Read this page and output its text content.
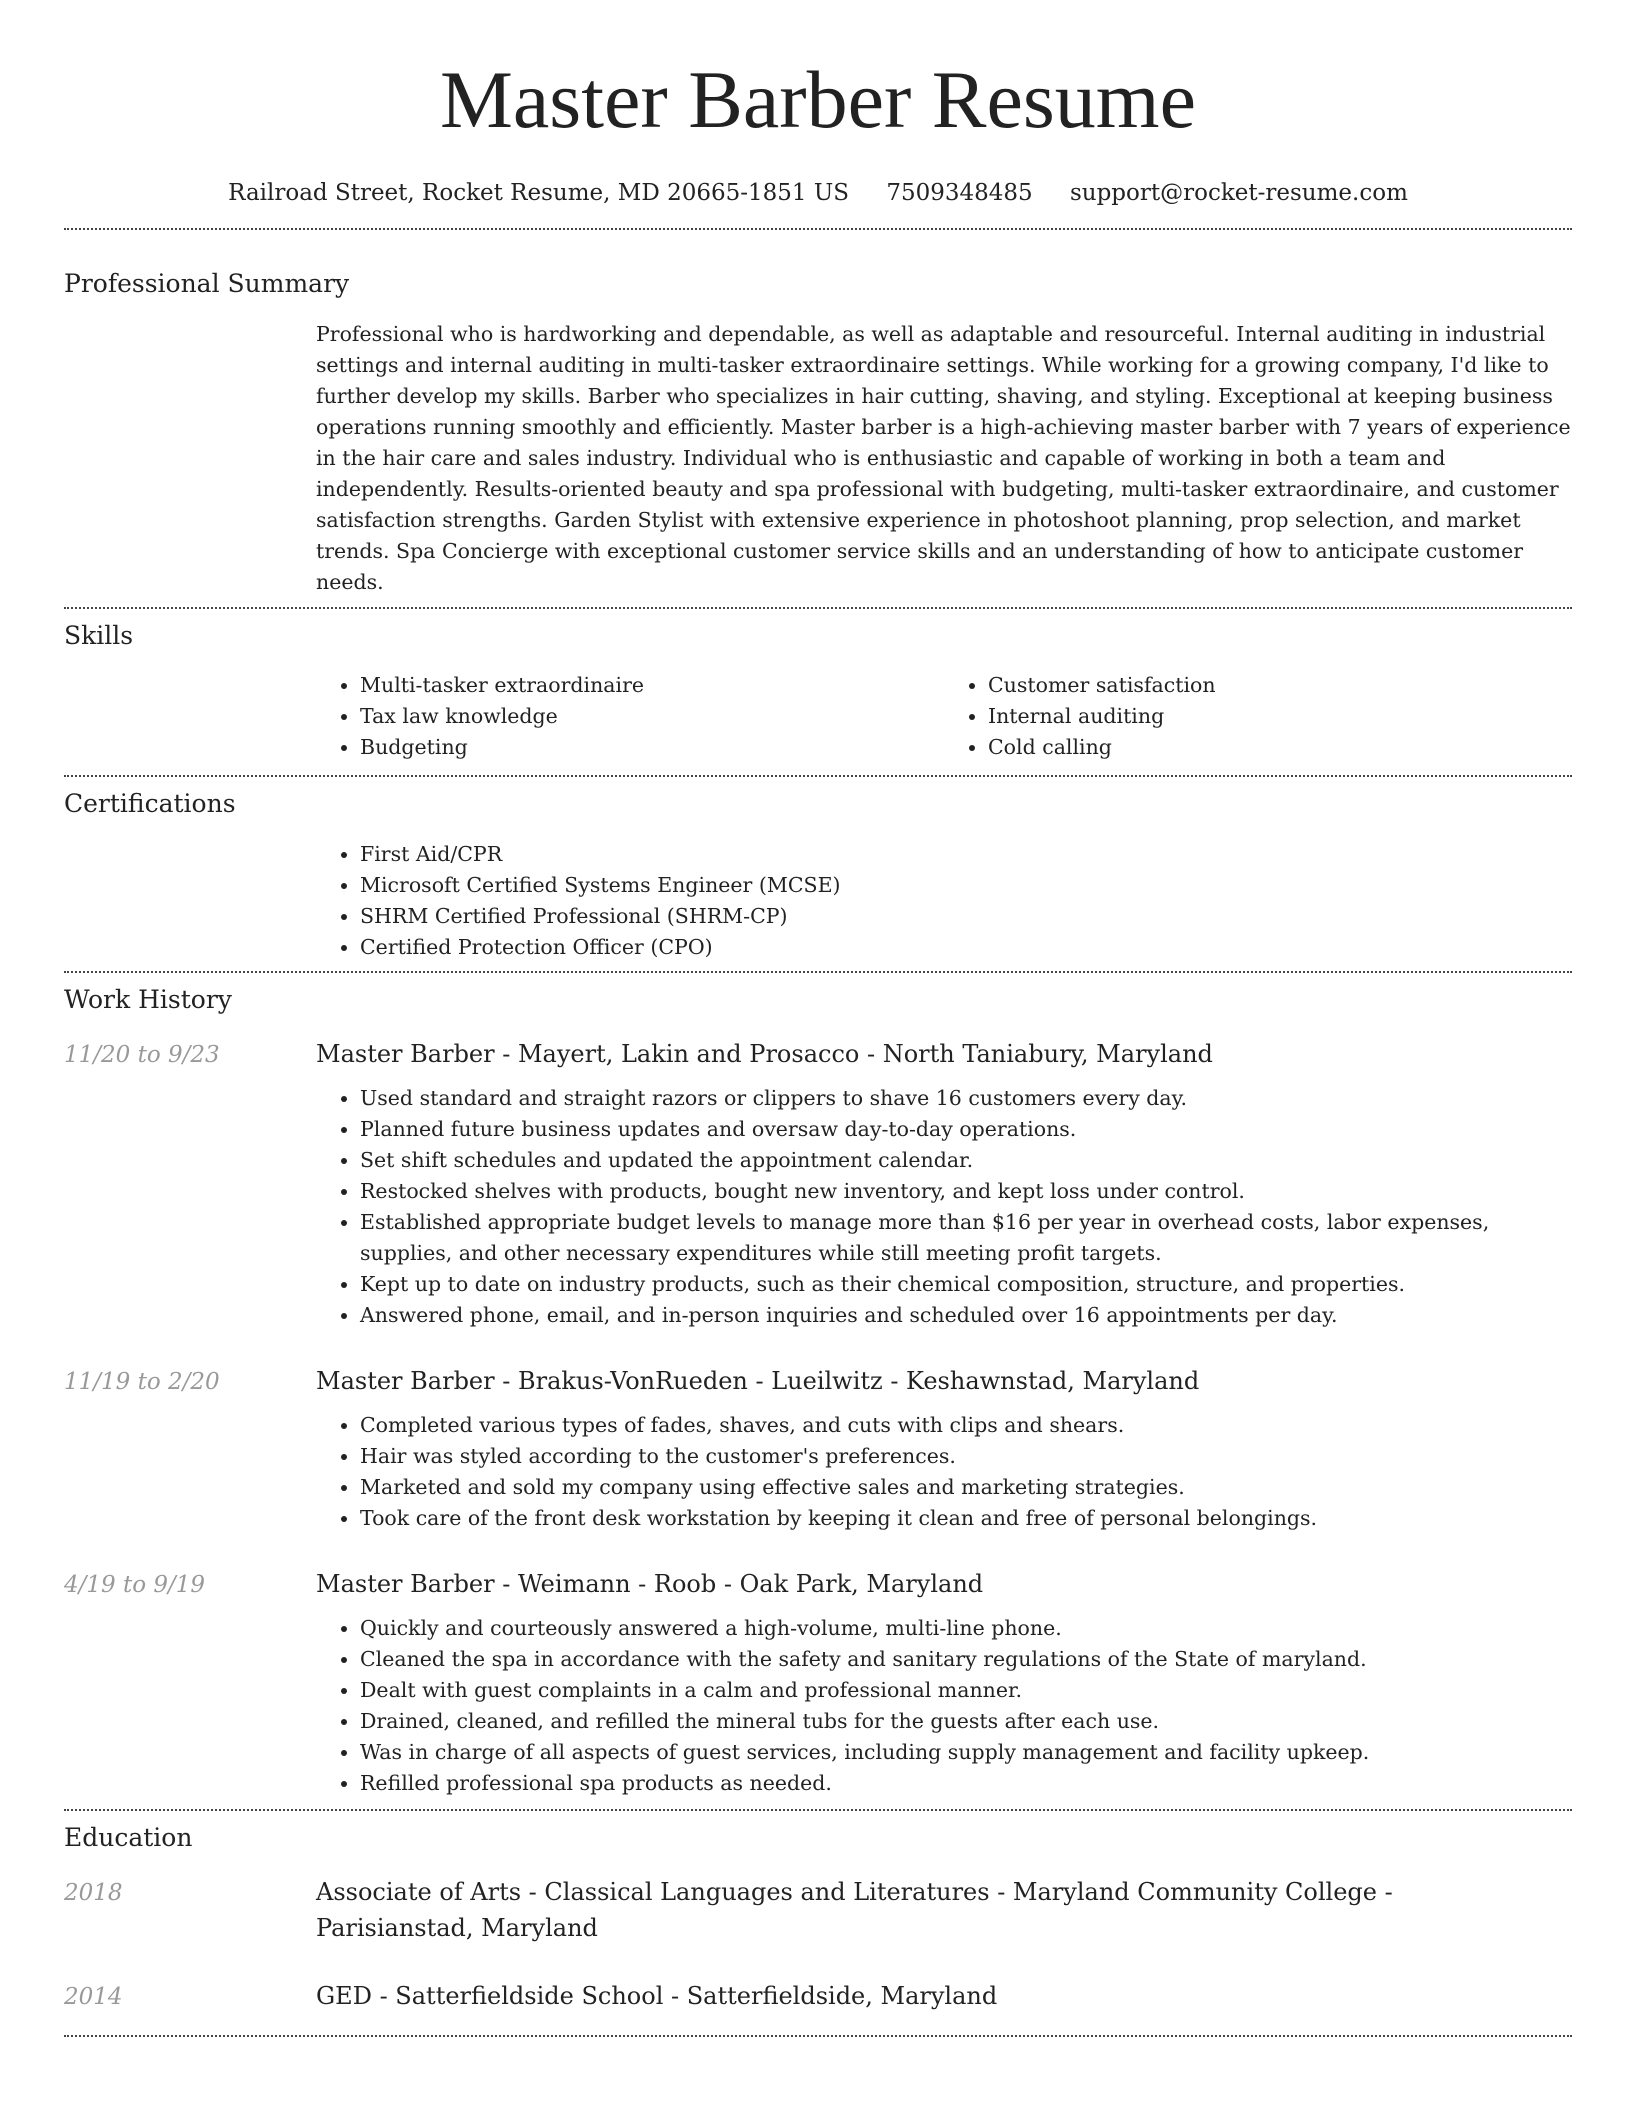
Master Barber Resume
Railroad Street, Rocket Resume, MD 20665-1851 US 7509348485 support@rocket-resume.com
Professional Summary
Professional who is hardworking and dependable, as well as adaptable and resourceful. Internal auditing in industrial settings and internal auditing in multi-tasker extraordinaire settings. While working for a growing company, I'd like to further develop my skills. Barber who specializes in hair cutting, shaving, and styling. Exceptional at keeping business operations running smoothly and efficiently. Master barber is a high-achieving master barber with 7 years of experience in the hair care and sales industry. Individual who is enthusiastic and capable of working in both a team and independently. Results-oriented beauty and spa professional with budgeting, multi-tasker extraordinaire, and customer satisfaction strengths. Garden Stylist with extensive experience in photoshoot planning, prop selection, and market trends. Spa Concierge with exceptional customer service skills and an understanding of how to anticipate customer needs.
Skills
• Multi-tasker extraordinaire
• Tax law knowledge
• Budgeting
• Customer satisfaction
• Internal auditing
• Cold calling
Certifications
• First Aid/CPR
• Microsoft Certified Systems Engineer (MCSE)
• SHRM Certified Professional (SHRM-CP)
• Certified Protection Officer (CPO)
Work History
11/20 to 9/23	Master Barber - Mayert, Lakin and Prosacco - North Taniabury, Maryland
• Used standard and straight razors or clippers to shave 16 customers every day.
• Planned future business updates and oversaw day-to-day operations.
• Set shift schedules and updated the appointment calendar.
• Restocked shelves with products, bought new inventory, and kept loss under control.
• Established appropriate budget levels to manage more than $16 per year in overhead costs, labor expenses, supplies, and other necessary expenditures while still meeting profit targets.
• Kept up to date on industry products, such as their chemical composition, structure, and properties.
• Answered phone, email, and in-person inquiries and scheduled over 16 appointments per day.
11/19 to 2/20	Master Barber - Brakus-VonRueden - Lueilwitz - Keshawnstad, Maryland
• Completed various types of fades, shaves, and cuts with clips and shears.
• Hair was styled according to the customer's preferences.
• Marketed and sold my company using effective sales and marketing strategies.
• Took care of the front desk workstation by keeping it clean and free of personal belongings.
4/19 to 9/19	Master Barber - Weimann - Roob - Oak Park, Maryland
• Quickly and courteously answered a high-volume, multi-line phone.
• Cleaned the spa in accordance with the safety and sanitary regulations of the State of maryland.
• Dealt with guest complaints in a calm and professional manner.
• Drained, cleaned, and refilled the mineral tubs for the guests after each use.
• Was in charge of all aspects of guest services, including supply management and facility upkeep.
• Refilled professional spa products as needed.
Education
2018	Associate of Arts - Classical Languages and Literatures - Maryland Community College - Parisianstad, Maryland
2014	GED - Satterfieldside School - Satterfieldside, Maryland
